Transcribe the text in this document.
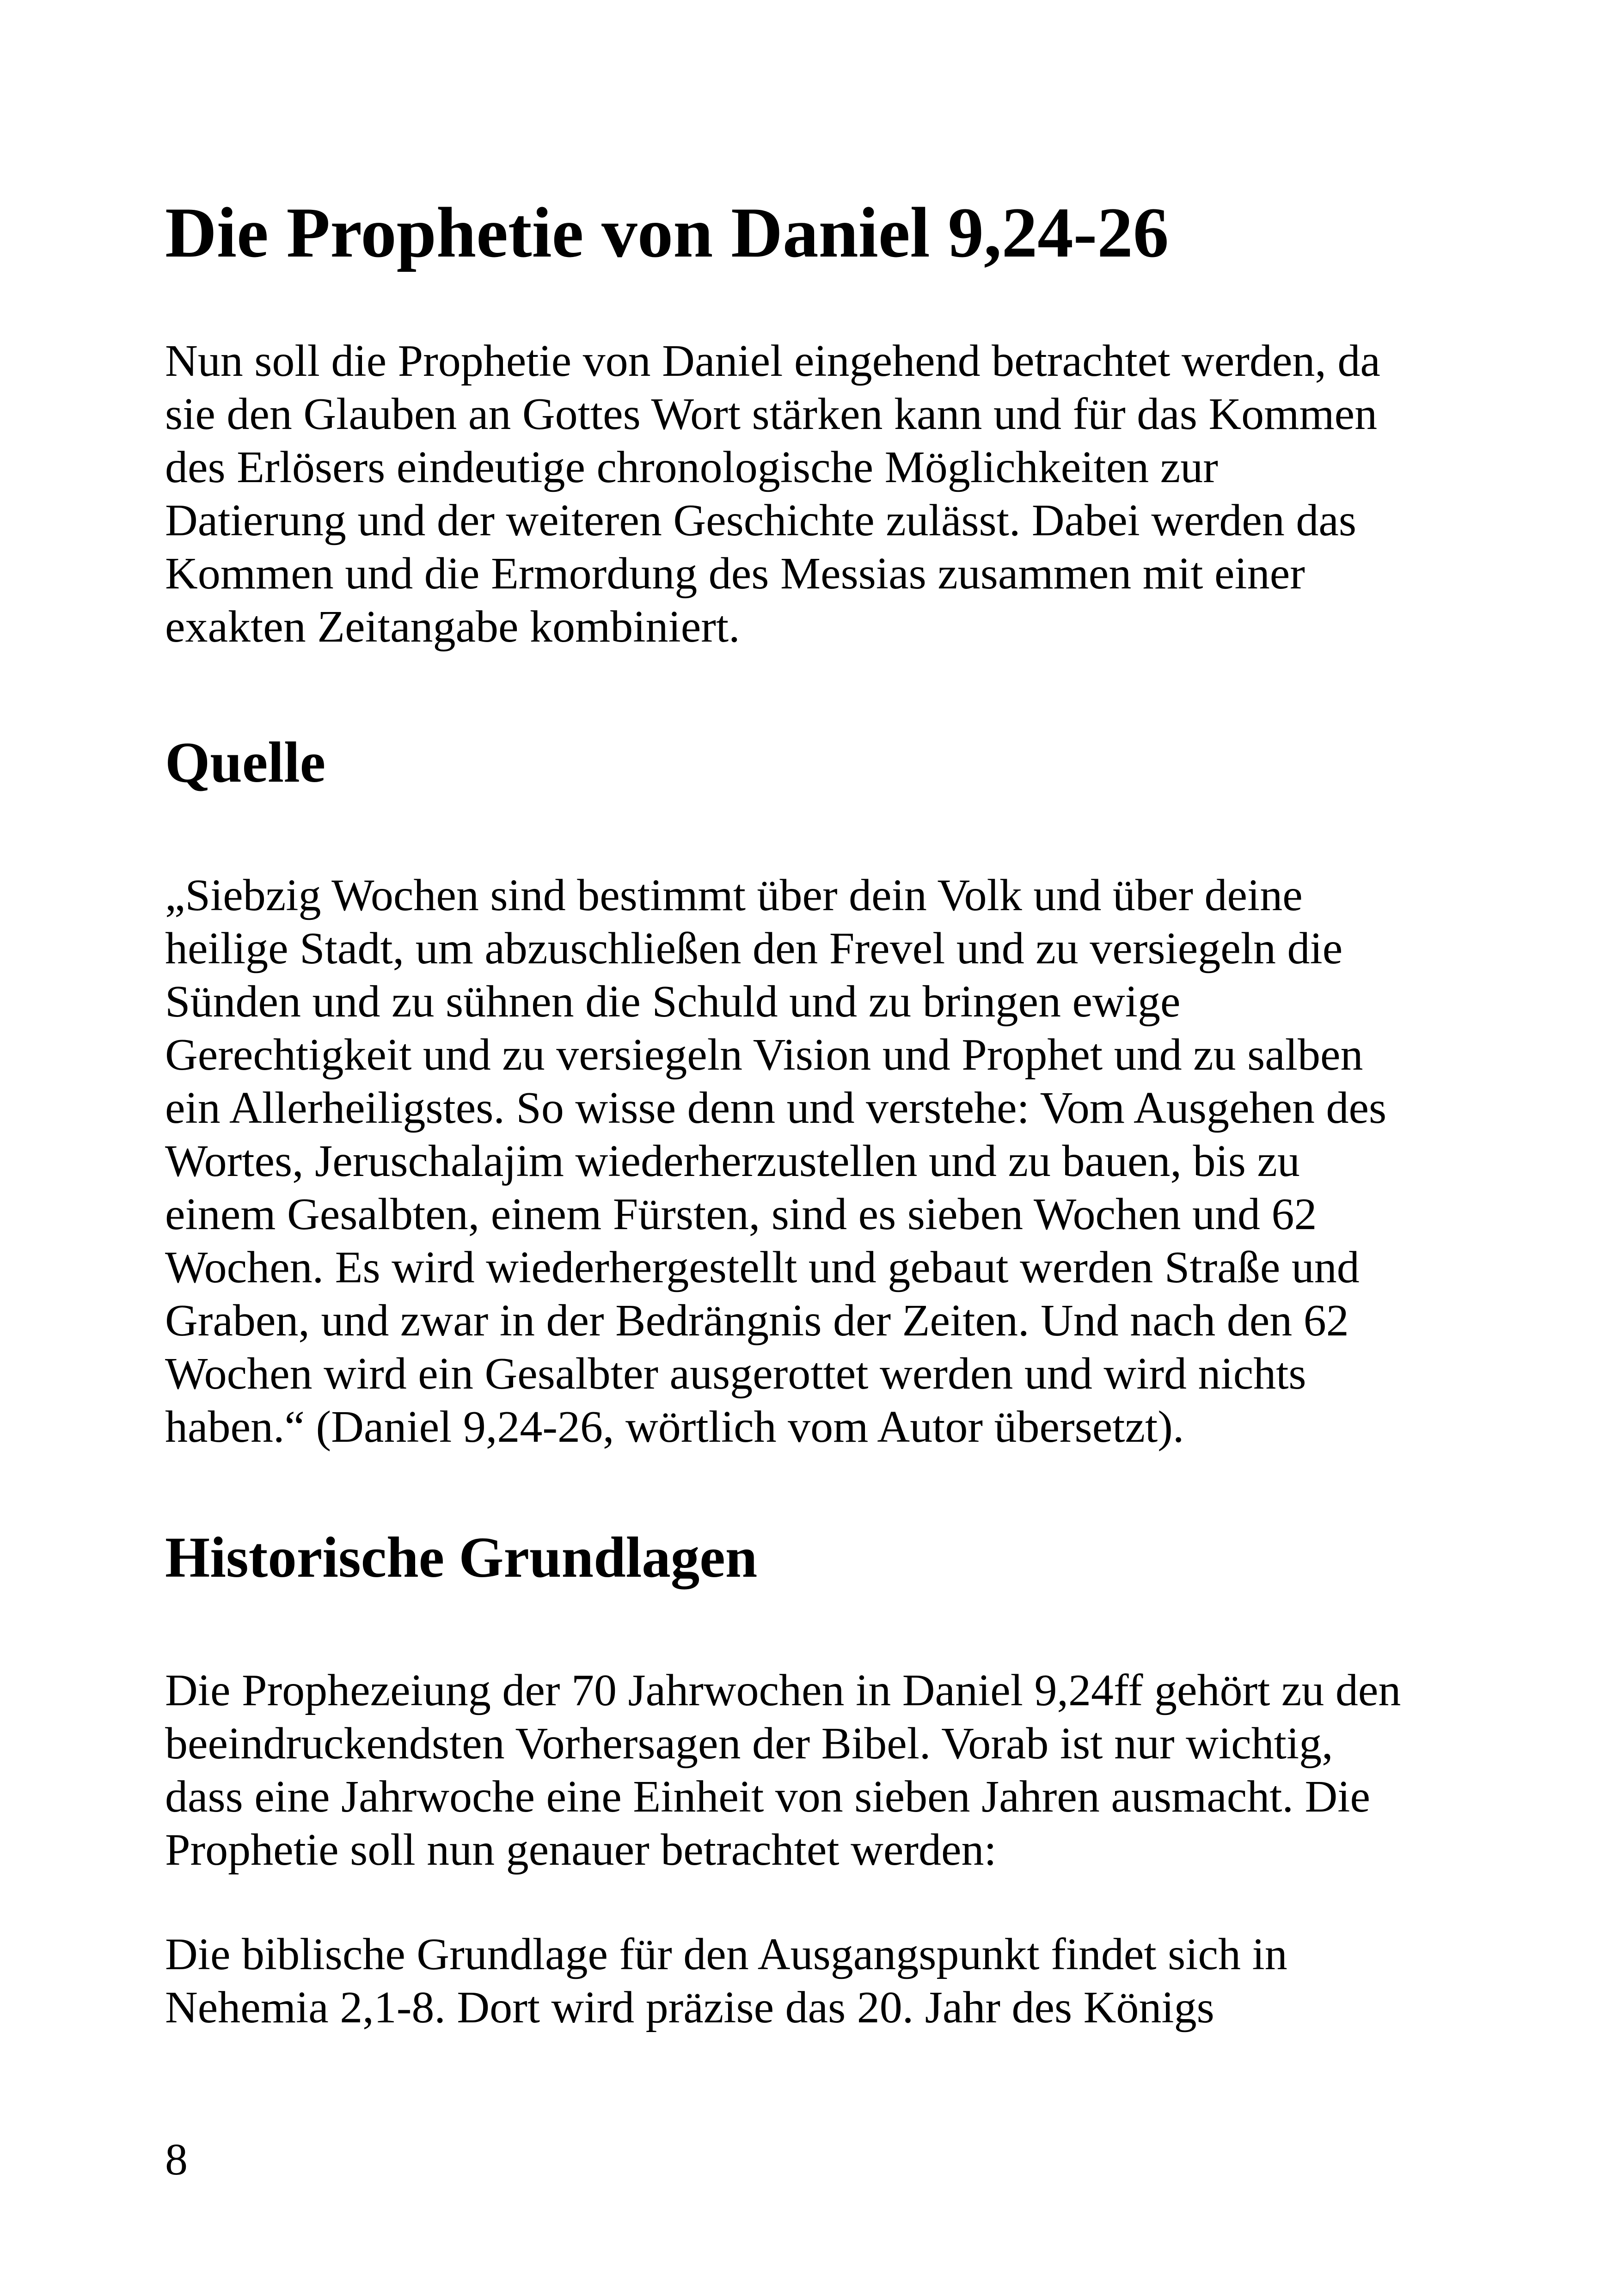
Die Prophetie von Daniel 9,24-26

Nun soll die Prophetie von Daniel eingehend betrachtet werden, da
sie den Glauben an Gottes Wort stärken kann und für das Kommen
des Erlösers eindeutige chronologische Möglichkeiten zur
Datierung und der weiteren Geschichte zulässt. Dabei werden das
Kommen und die Ermordung des Messias zusammen mit einer
exakten Zeitangabe kombiniert.

Quelle

„Siebzig Wochen sind bestimmt über dein Volk und über deine
heilige Stadt, um abzuschließen den Frevel und zu versiegeln die
Sünden und zu sühnen die Schuld und zu bringen ewige
Gerechtigkeit und zu versiegeln Vision und Prophet und zu salben
ein Allerheiligstes. So wisse denn und verstehe: Vom Ausgehen des
Wortes, Jeruschalajim wiederherzustellen und zu bauen, bis zu
einem Gesalbten, einem Fürsten, sind es sieben Wochen und 62
Wochen. Es wird wiederhergestellt und gebaut werden Straße und
Graben, und zwar in der Bedrängnis der Zeiten. Und nach den 62
Wochen wird ein Gesalbter ausgerottet werden und wird nichts
haben.“ (Daniel 9,24-26, wörtlich vom Autor übersetzt).

Historische Grundlagen

Die Prophezeiung der 70 Jahrwochen in Daniel 9,24ff gehört zu den
beeindruckendsten Vorhersagen der Bibel. Vorab ist nur wichtig,
dass eine Jahrwoche eine Einheit von sieben Jahren ausmacht. Die
Prophetie soll nun genauer betrachtet werden:

Die biblische Grundlage für den Ausgangspunkt findet sich in
Nehemia 2,1-8. Dort wird präzise das 20. Jahr des Königs

8
